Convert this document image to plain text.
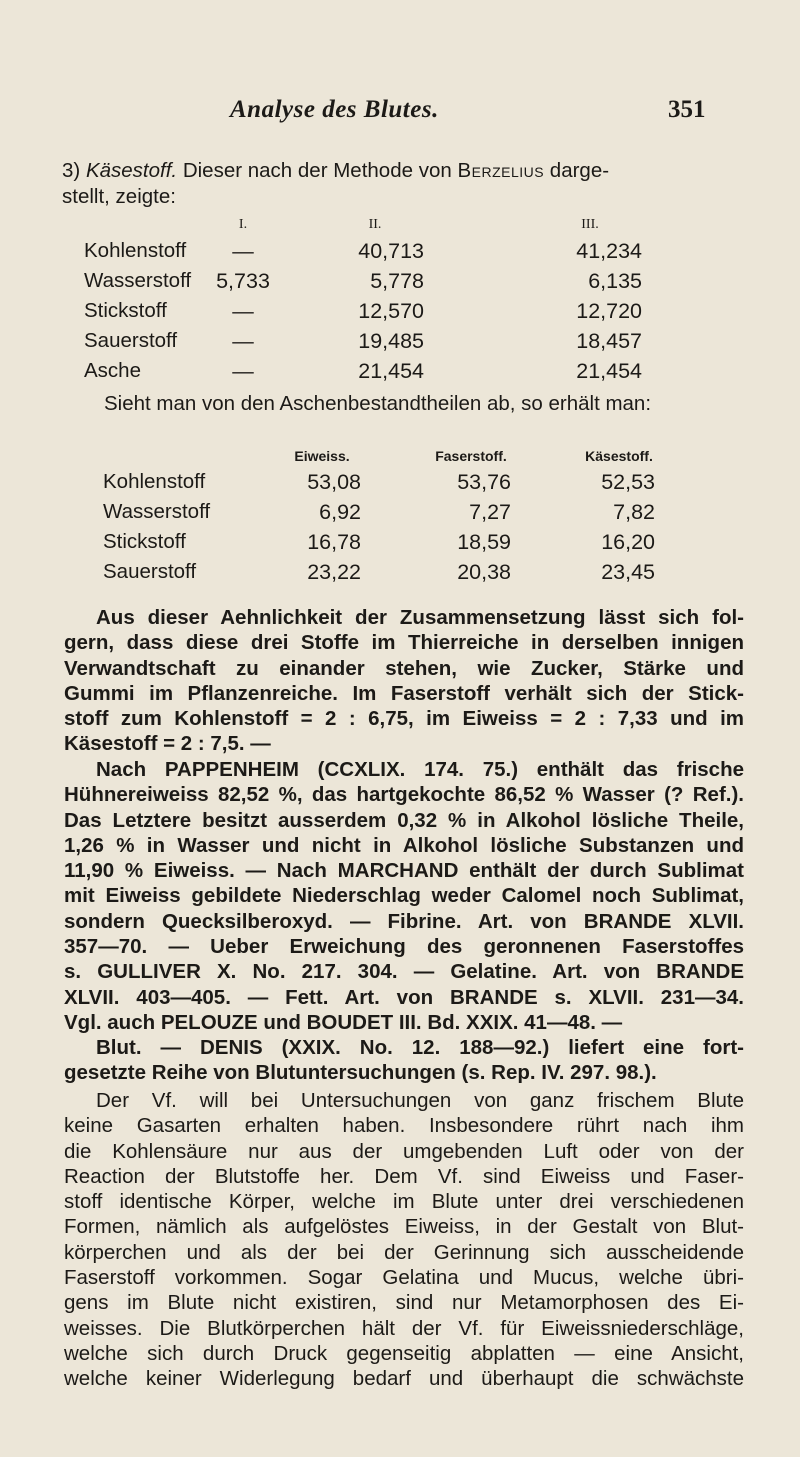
Analyse des Blutes.	351
3) Käsestoff. Dieser nach der Methode von Berzelius darge-
stellt, zeigte:
I.	II.	III.
Kohlenstoff	—	40,713	41,234
Wasserstoff	5,733	5,778	6,135
Stickstoff	—	12,570	12,720
Sauerstoff	—	19,485	18,457
Asche	—	21,454	21,454
Sieht man von den Aschenbestandtheilen ab, so erhält man:
Eiweiss.	Faserstoff.	Käsestoff.
Kohlenstoff	53,08	53,76	52,53
Wasserstoff	6,92	7,27	7,82
Stickstoff	16,78	18,59	16,20
Sauerstoff	23,22	20,38	23,45
Aus dieser Aehnlichkeit der Zusammensetzung lässt sich fol-
gern, dass diese drei Stoffe im Thierreiche in derselben innigen
Verwandtschaft zu einander stehen, wie Zucker, Stärke und
Gummi im Pflanzenreiche. Im Faserstoff verhält sich der Stick-
stoff zum Kohlenstoff = 2 : 6,75, im Eiweiss = 2 : 7,33 und im
Käsestoff = 2 : 7,5. —
Nach PAPPENHEIM (CCXLIX. 174. 75.) enthält das frische
Hühnereiweiss 82,52 %, das hartgekochte 86,52 % Wasser (? Ref.).
Das Letztere besitzt ausserdem 0,32 % in Alkohol lösliche Theile,
1,26 % in Wasser und nicht in Alkohol lösliche Substanzen und
11,90 % Eiweiss. — Nach MARCHAND enthält der durch Sublimat
mit Eiweiss gebildete Niederschlag weder Calomel noch Sublimat,
sondern Quecksilberoxyd. — Fibrine. Art. von BRANDE XLVII.
357—70. — Ueber Erweichung des geronnenen Faserstoffes
s. GULLIVER X. No. 217. 304. — Gelatine. Art. von BRANDE
XLVII. 403—405. — Fett. Art. von BRANDE s. XLVII. 231—34.
Vgl. auch PELOUZE und BOUDET III. Bd. XXIX. 41—48. —
Blut. — DENIS (XXIX. No. 12. 188—92.) liefert eine fort-
gesetzte Reihe von Blutuntersuchungen (s. Rep. IV. 297. 98.).
Der Vf. will bei Untersuchungen von ganz frischem Blute
keine Gasarten erhalten haben. Insbesondere rührt nach ihm
die Kohlensäure nur aus der umgebenden Luft oder von der
Reaction der Blutstoffe her. Dem Vf. sind Eiweiss und Faser-
stoff identische Körper, welche im Blute unter drei verschiedenen
Formen, nämlich als aufgelöstes Eiweiss, in der Gestalt von Blut-
körperchen und als der bei der Gerinnung sich ausscheidende
Faserstoff vorkommen. Sogar Gelatina und Mucus, welche übri-
gens im Blute nicht existiren, sind nur Metamorphosen des Ei-
weisses. Die Blutkörperchen hält der Vf. für Eiweissniederschläge,
welche sich durch Druck gegenseitig abplatten — eine Ansicht,
welche keiner Widerlegung bedarf und überhaupt die schwächste
